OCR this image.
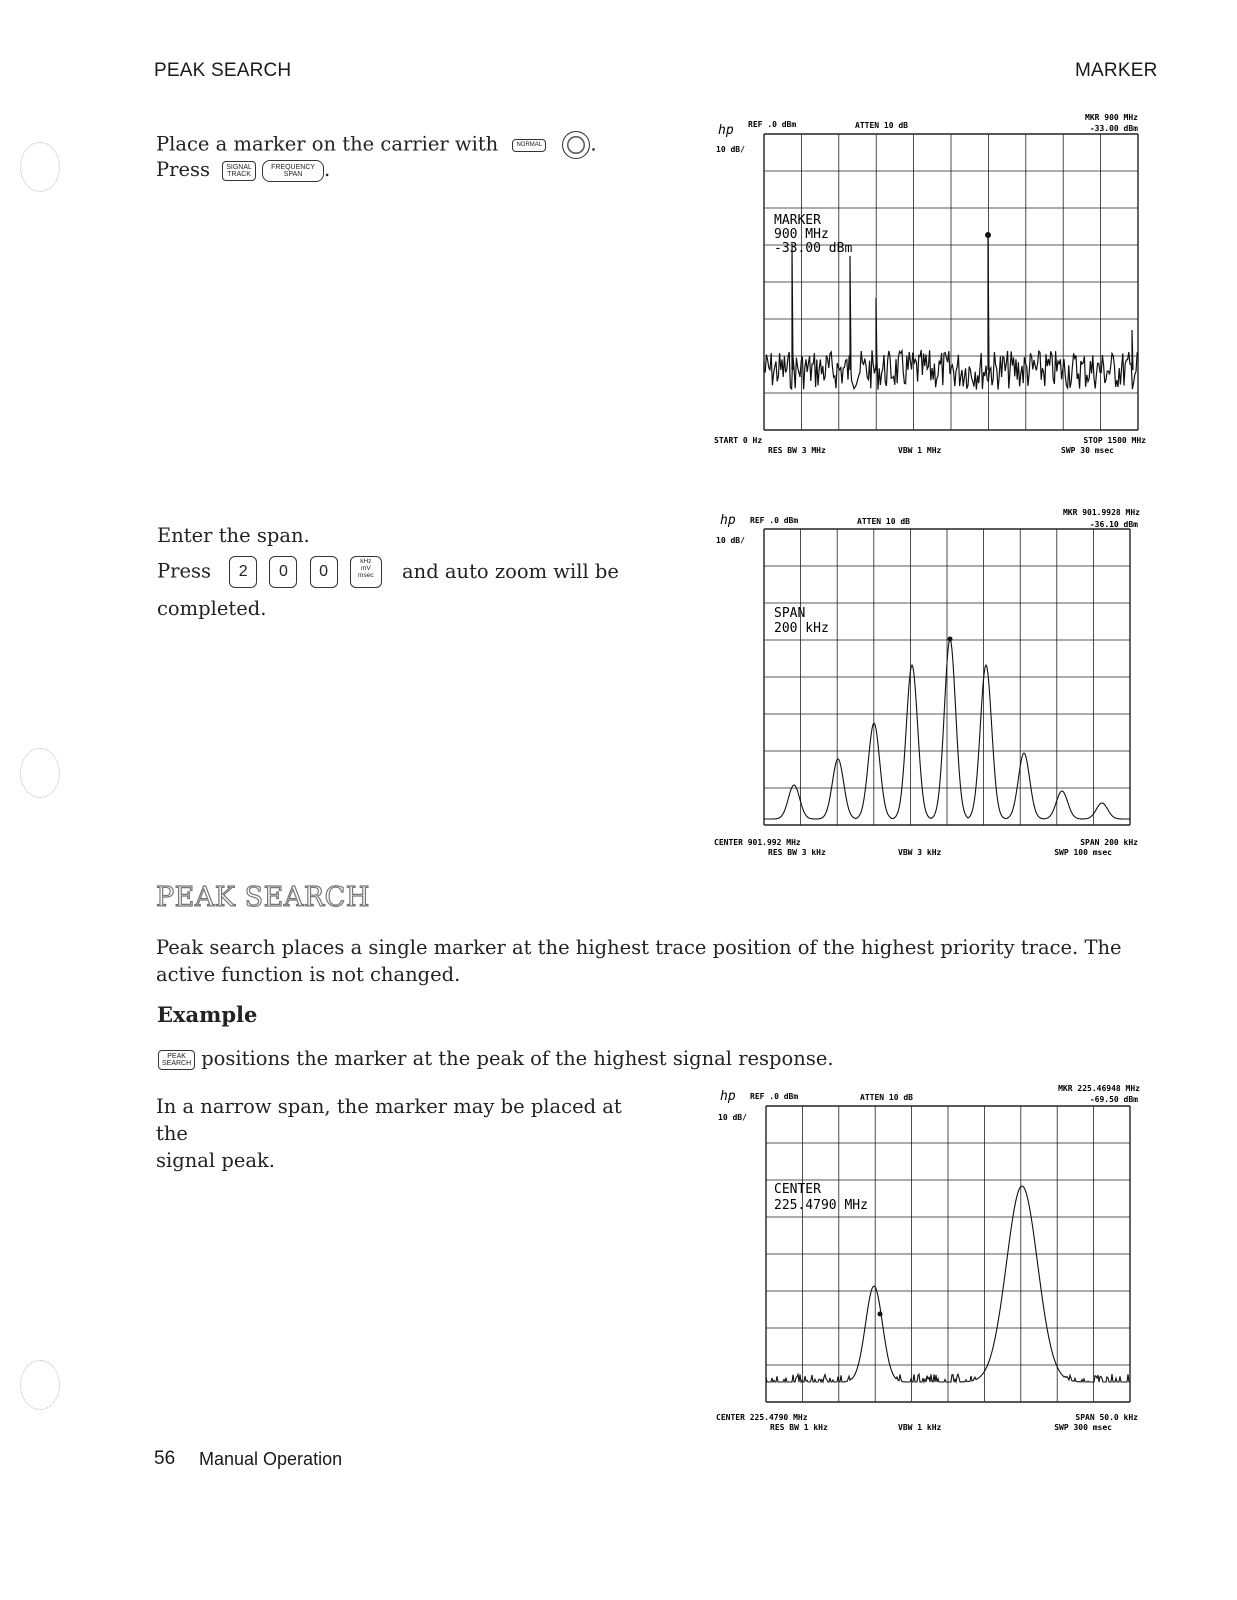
PEAK SEARCH	MARKER
Place a marker on the carrier with	NORMAL .
Press SIGNAL
TRACK FREQUENCY
SPAN .
Enter the span.
Press 2 0 0 kHz
mV
msec and auto zoom will be
completed.
PEAK SEARCH
Peak search places a single marker at the highest trace position of the highest priority trace. The active function is not changed.
Example
PEAK
SEARCH positions the marker at the peak of the highest signal response.
In a narrow span, the marker may be placed at the
signal peak.
56 Manual Operation
hp REF .0 dBm	ATTEN 10 dB
MKR 900 MHz
-33.00 dBm
10 dB/
MARKER
900 MHz
-33.00 dBm
START 0 Hz
RES BW 3 MHz	VBW 1 MHz
STOP 1500 MHz
SWP 30 msec
hp REF .0 dBm	ATTEN 10 dB
MKR 901.9928 MHz
-36.10 dBm
10 dB/
SPAN
200 kHz
CENTER 901.992 MHz
RES BW 3 kHz	VBW 3 kHz
SPAN 200 kHz
SWP 100 msec
hp REF .0 dBm	ATTEN 10 dB
MKR 225.46948 MHz
-69.50 dBm
10 dB/
CENTER
225.4790 MHz
CENTER 225.4790 MHz
RES BW 1 kHz	VBW 1 kHz
SPAN 50.0 kHz
SWP 300 msec
